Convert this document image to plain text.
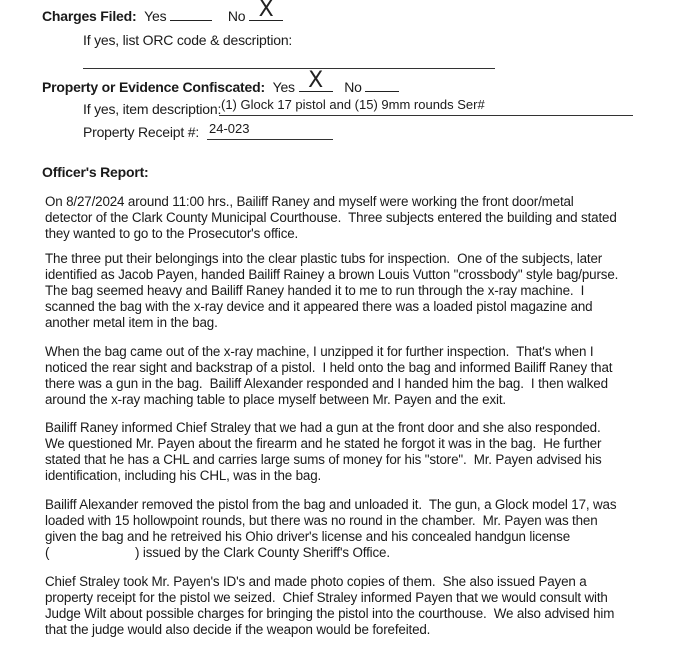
Charges Filed: Yes	No X
If yes, list ORC code & description:
Property or Evidence Confiscated: Yes X No
If yes, item description: (1) Glock 17 pistol and (15) 9mm rounds Ser#
Property Receipt #: 24-023
Officer's Report:
On 8/27/2024 around 11:00 hrs., Bailiff Raney and myself were working the front door/metal
detector of the Clark County Municipal Courthouse.  Three subjects entered the building and stated
they wanted to go to the Prosecutor's office.
The three put their belongings into the clear plastic tubs for inspection.  One of the subjects, later
identified as Jacob Payen, handed Bailiff Rainey a brown Louis Vutton "crossbody" style bag/purse.
The bag seemed heavy and Bailiff Raney handed it to me to run through the x-ray machine.  I
scanned the bag with the x-ray device and it appeared there was a loaded pistol magazine and
another metal item in the bag.
When the bag came out of the x-ray machine, I unzipped it for further inspection.  That's when I
noticed the rear sight and backstrap of a pistol.  I held onto the bag and informed Bailiff Raney that
there was a gun in the bag.  Bailiff Alexander responded and I handed him the bag.  I then walked
around the x-ray maching table to place myself between Mr. Payen and the exit.
Bailiff Raney informed Chief Straley that we had a gun at the front door and she also responded.
We questioned Mr. Payen about the firearm and he stated he forgot it was in the bag.  He further
stated that he has a CHL and carries large sums of money for his "store".  Mr. Payen advised his
identification, including his CHL, was in the bag.
Bailiff Alexander removed the pistol from the bag and unloaded it.  The gun, a Glock model 17, was
loaded with 15 hollowpoint rounds, but there was no round in the chamber.  Mr. Payen was then
given the bag and he retreived his Ohio driver's license and his concealed handgun license
(                        ) issued by the Clark County Sheriff's Office.
Chief Straley took Mr. Payen's ID's and made photo copies of them.  She also issued Payen a
property receipt for the pistol we seized.  Chief Straley informed Payen that we would consult with
Judge Wilt about possible charges for bringing the pistol into the courthouse.  We also advised him
that the judge would also decide if the weapon would be forefeited.
